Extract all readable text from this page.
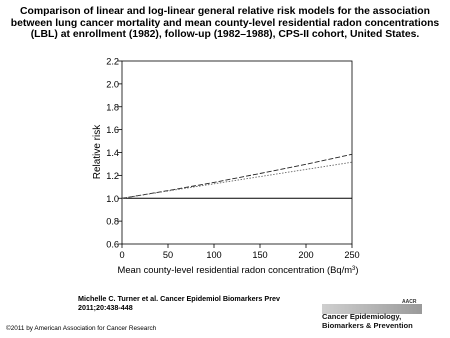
Comparison of linear and log-linear general relative risk models for the association between lung cancer mortality and mean county-level residential radon concentrations (LBL) at enrollment (1982), follow-up (1982–1988), CPS-II cohort, United States.
0.6
0.8
1.0
1.2
1.4
1.6
1.8
2.0
2.2
0	50	100	150	200	250
Relative risk
Mean county-level residential radon concentration $(Bq/m^3)$
Michelle C. Turner et al. Cancer Epidemiol Biomarkers Prev 2011;20:438-448
©2011 by American Association for Cancer Research
AACR
Cancer Epidemiology,
Biomarkers & Prevention
